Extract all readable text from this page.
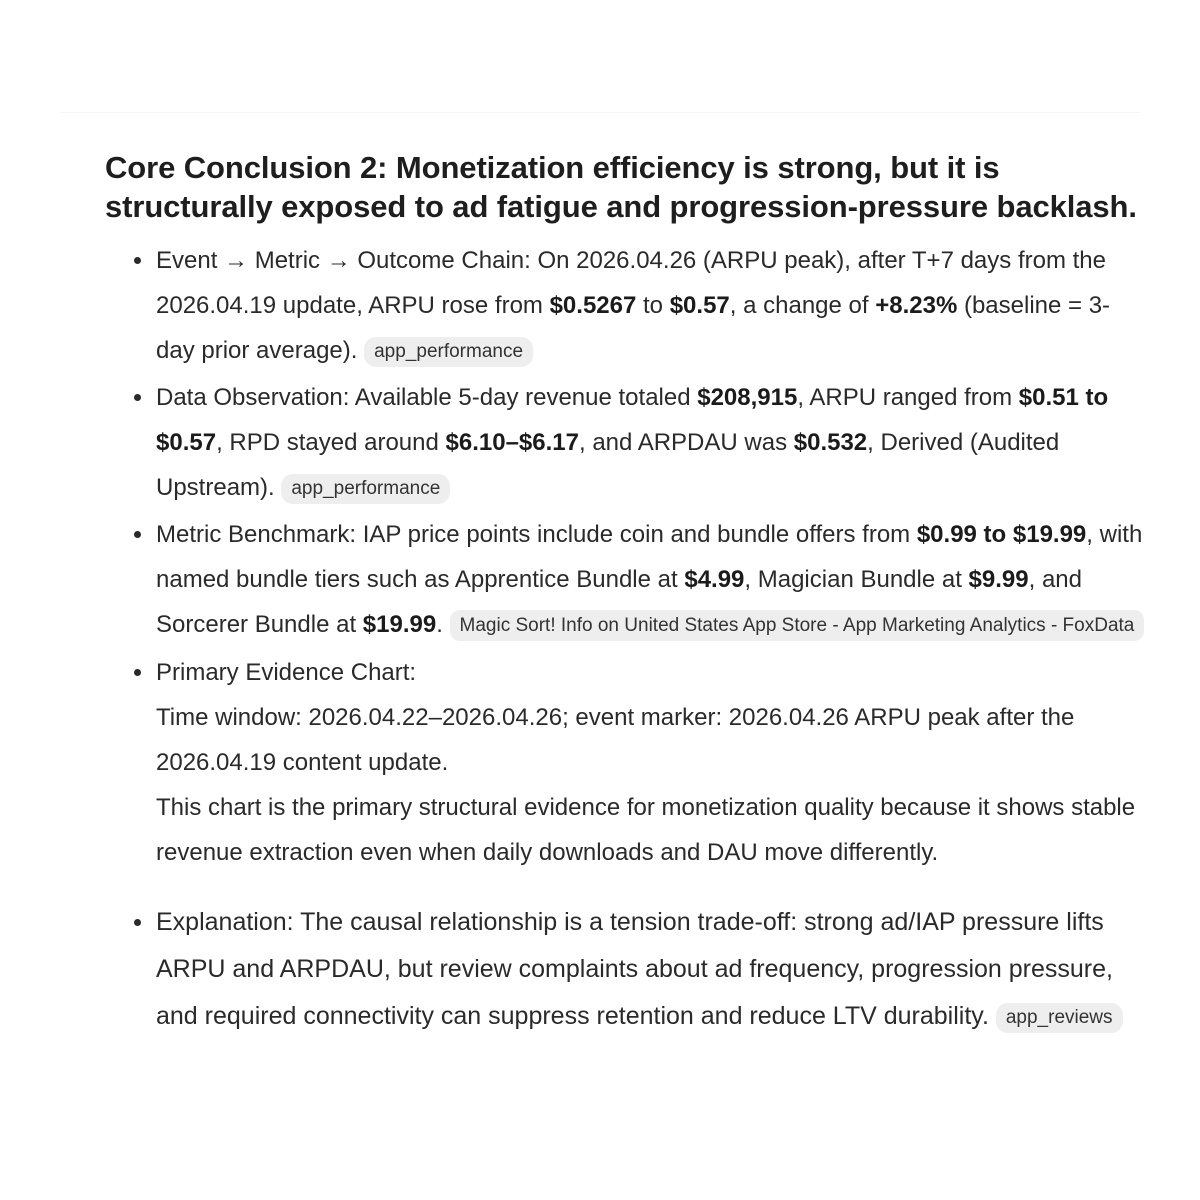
Core Conclusion 2: Monetization efficiency is strong, but it is structurally exposed to ad fatigue and progression-pressure backlash.
Event → Metric → Outcome Chain: On 2026.04.26 (ARPU peak), after T+7 days from the 2026.04.19 update, ARPU rose from $0.5267 to $0.57, a change of +8.23% (baseline = 3-day prior average). app_performance
Data Observation: Available 5-day revenue totaled $208,915, ARPU ranged from $0.51 to $0.57, RPD stayed around $6.10–$6.17, and ARPDAU was $0.532, Derived (Audited Upstream). app_performance
Metric Benchmark: IAP price points include coin and bundle offers from $0.99 to $19.99, with named bundle tiers such as Apprentice Bundle at $4.99, Magician Bundle at $9.99, and Sorcerer Bundle at $19.99. Magic Sort! Info on United States App Store - App Marketing Analytics - FoxData
Primary Evidence Chart:
Time window: 2026.04.22–2026.04.26; event marker: 2026.04.26 ARPU peak after the 2026.04.19 content update.
This chart is the primary structural evidence for monetization quality because it shows stable revenue extraction even when daily downloads and DAU move differently.
Explanation: The causal relationship is a tension trade-off: strong ad/IAP pressure lifts ARPU and ARPDAU, but review complaints about ad frequency, progression pressure, and required connectivity can suppress retention and reduce LTV durability. app_reviews
